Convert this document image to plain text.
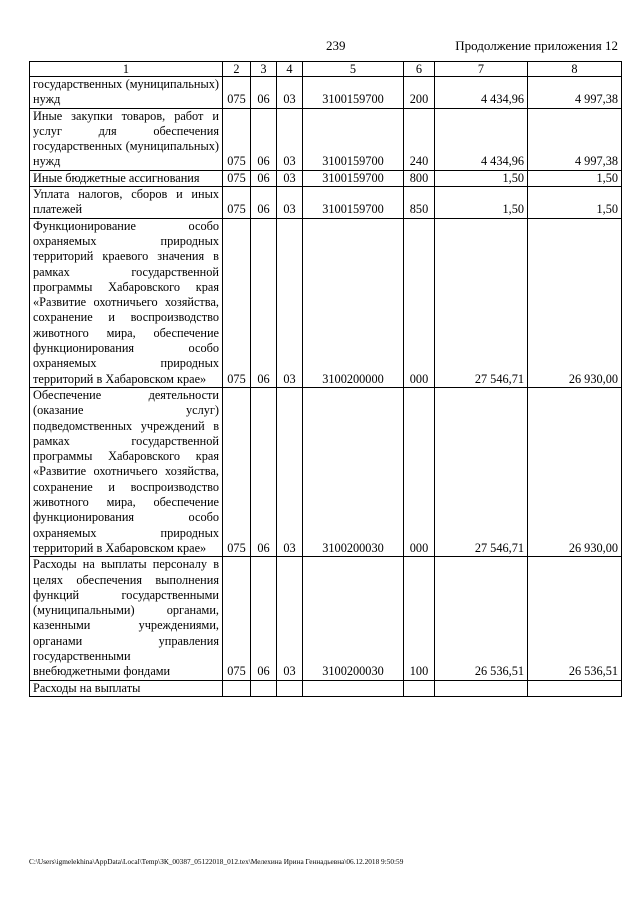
239	Продолжение приложения 12
1	2	3	4	5	6	7	8
государственных (муниципальных) нужд	075	06	03	3100159700	200	4 434,96	4 997,38
Иные закупки товаров, работ и услуг для обеспечения государственных (муниципальных) нужд	075	06	03	3100159700	240	4 434,96	4 997,38
Иные бюджетные ассигнования	075	06	03	3100159700	800	1,50	1,50
Уплата налогов, сборов и иных платежей	075	06	03	3100159700	850	1,50	1,50
Функционирование особо охраняемых природных территорий краевого значения в рамках государственной программы Хабаровского края «Развитие охотничьего хозяйства, сохранение и воспроизводство животного мира, обеспечение функционирования особо охраняемых природных территорий в Хабаровском крае»	075	06	03	3100200000	000	27 546,71	26 930,00
Обеспечение деятельности (оказание услуг) подведомственных учреждений в рамках государственной программы Хабаровского края «Развитие охотничьего хозяйства, сохранение и воспроизводство животного мира, обеспечение функционирования особо охраняемых природных территорий в Хабаровском крае»	075	06	03	3100200030	000	27 546,71	26 930,00
Расходы на выплаты персоналу в целях обеспечения выполнения функций государственными (муниципальными) органами, казенными учреждениями, органами управления государственными внебюджетными фондами	075	06	03	3100200030	100	26 536,51	26 536,51
Расходы на выплаты							
C:\Users\igmelekhina\AppData\Local\Temp\ЗК_00387_05122018_012.tex\Мелехина Ирина Геннадьевна\06.12.2018 9:50:59
